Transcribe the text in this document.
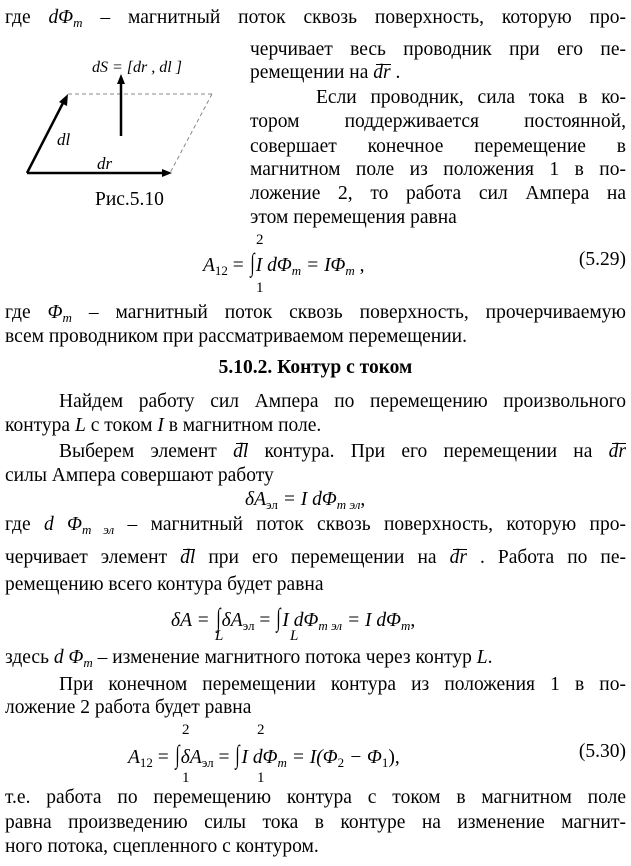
где $d\Phi_m$ – магнитный поток сквозь поверхность, которую про-
dS = [dr , dl ]
dl
dr
Рис.5.10
черчивает весь проводник при его пе-
ремещении на dr .
Если проводник, сила тока в ко-
тором поддерживается постоянной,
совершает конечное перемещение в
магнитном поле из положения 1 в по-
ложение 2, то работа сил Ампера на
этом перемещения равна
2
1
$A_{12} = \int I$ $d\Phi_m = I\Phi_m$ ,	(5.29)
где $\Phi_m$ – магнитный поток сквозь поверхность, прочерчиваемую
всем проводником при рассматриваемом перемещении.
5.10.2. Контур с током
Найдем работу сил Ампера по перемещению произвольного
контура L с током I в магнитном поле.
Выберем элемент dl контура. При его перемещении на dr
силы Ампера совершают работу
$\delta A_{эл} = I$ $d\Phi_{m эл}$,
где d $\Phi_{m эл}$ – магнитный поток сквозь поверхность, которую про-
черчивает элемент dl при его перемещении на dr . Работа по пе-
ремещению всего контура будет равна
$\delta A = \int\delta A_{эл} = \int I$ $d\Phi_{m эл} = I$ $d\Phi_m$,
L	L
здесь d $\Phi_m$ – изменение магнитного потока через контур L.
При конечном перемещении контура из положения 1 в по-
ложение 2 работа будет равна
2
1
2
1
$A_{12} = \int\delta A_{эл} = \int I$ $d\Phi_m = I(\Phi_2 - \Phi_1)$,	(5.30)
т.е. работа по перемещению контура с током в магнитном поле
равна произведению силы тока в контуре на изменение магнит-
ного потока, сцепленного с контуром.
